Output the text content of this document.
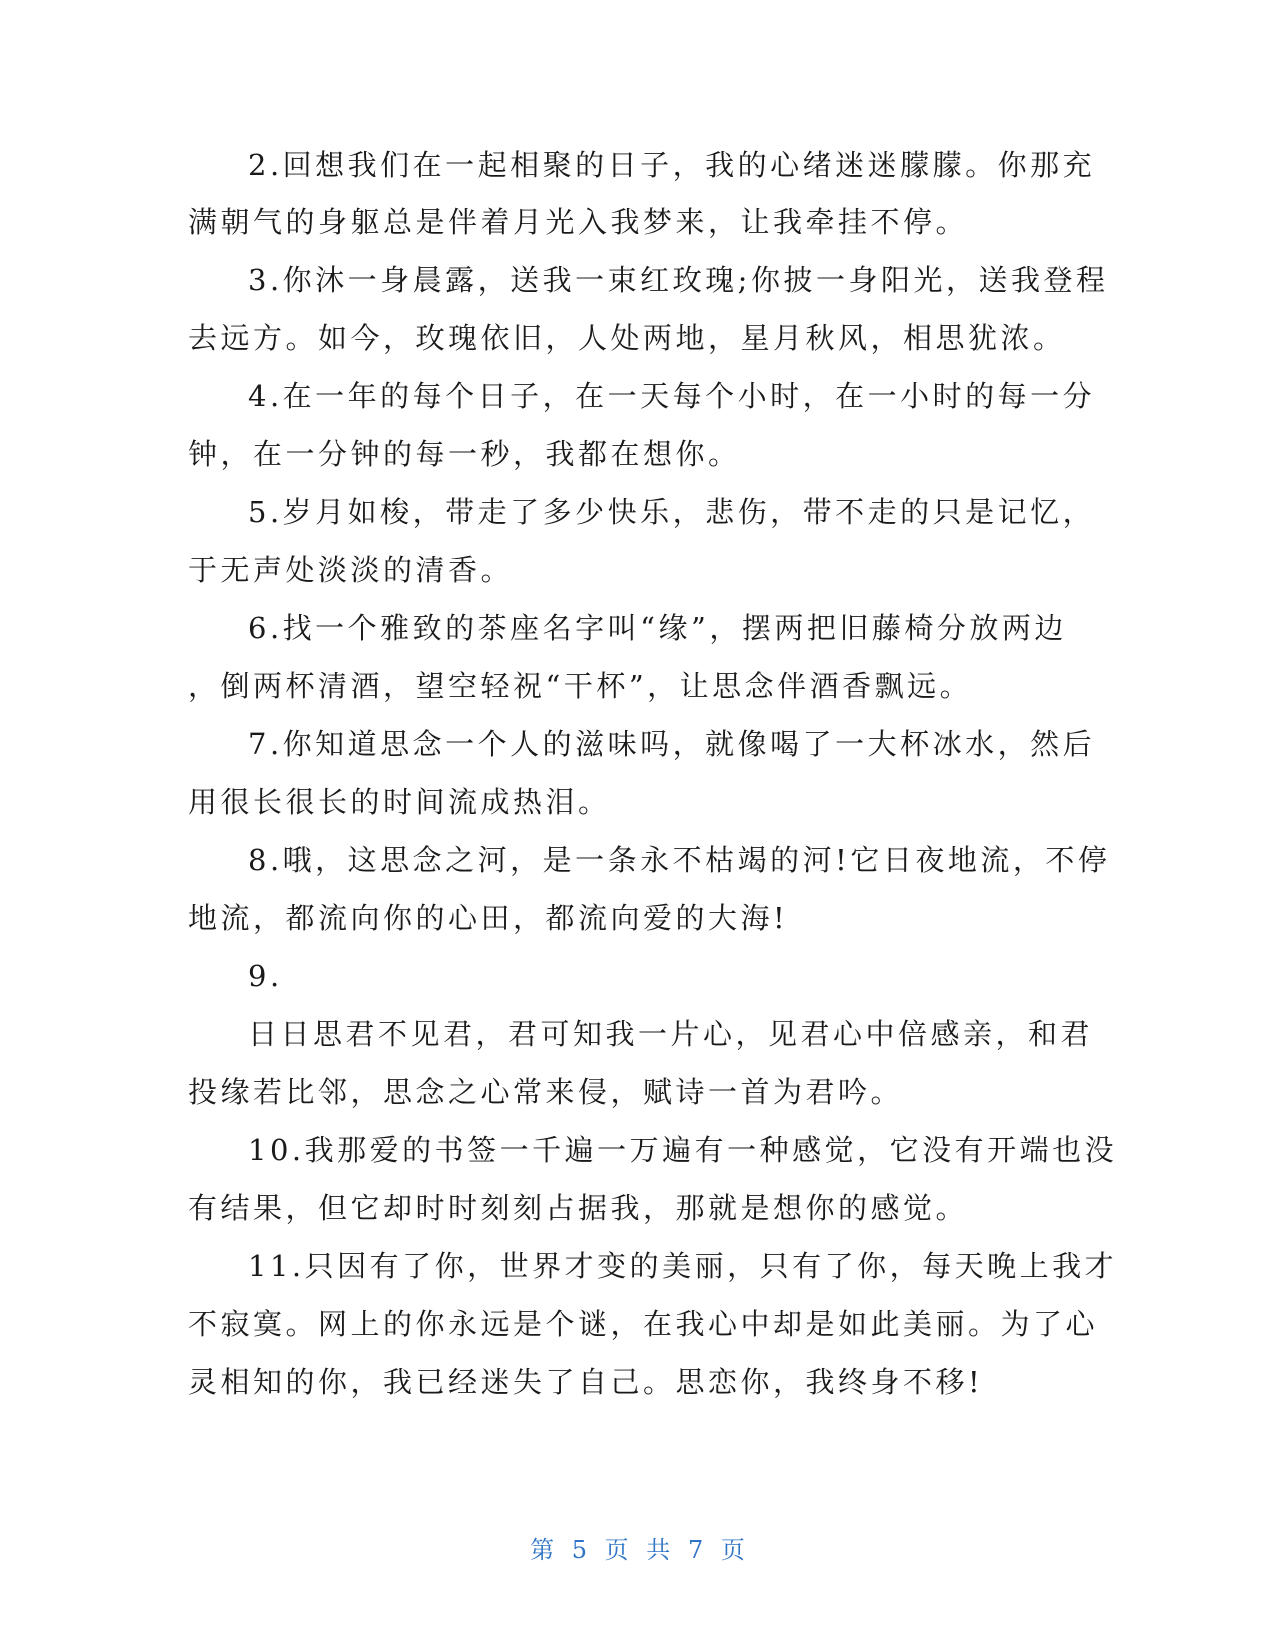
2.回想我们在一起相聚的日子，我的心绪迷迷朦朦。你那充
满朝气的身躯总是伴着月光入我梦来，让我牵挂不停。
3.你沐一身晨露，送我一束红玫瑰;你披一身阳光，送我登程
去远方。如今，玫瑰依旧，人处两地，星月秋风，相思犹浓。
4.在一年的每个日子，在一天每个小时，在一小时的每一分
钟，在一分钟的每一秒，我都在想你。
5.岁月如梭，带走了多少快乐，悲伤，带不走的只是记忆，
于无声处淡淡的清香。
6.找一个雅致的茶座名字叫“缘”，摆两把旧藤椅分放两边
，倒两杯清酒，望空轻祝“干杯”，让思念伴酒香飘远。
7.你知道思念一个人的滋味吗，就像喝了一大杯冰水，然后
用很长很长的时间流成热泪。
8.哦，这思念之河，是一条永不枯竭的河!它日夜地流，不停
地流，都流向你的心田，都流向爱的大海!
9.
日日思君不见君，君可知我一片心，见君心中倍感亲，和君
投缘若比邻，思念之心常来侵，赋诗一首为君吟。
10.我那爱的书签一千遍一万遍有一种感觉，它没有开端也没
有结果，但它却时时刻刻占据我，那就是想你的感觉。
11.只因有了你，世界才变的美丽，只有了你，每天晚上我才
不寂寞。网上的你永远是个谜，在我心中却是如此美丽。为了心
灵相知的你，我已经迷失了自己。思恋你，我终身不移!
第 5 页 共 7 页
